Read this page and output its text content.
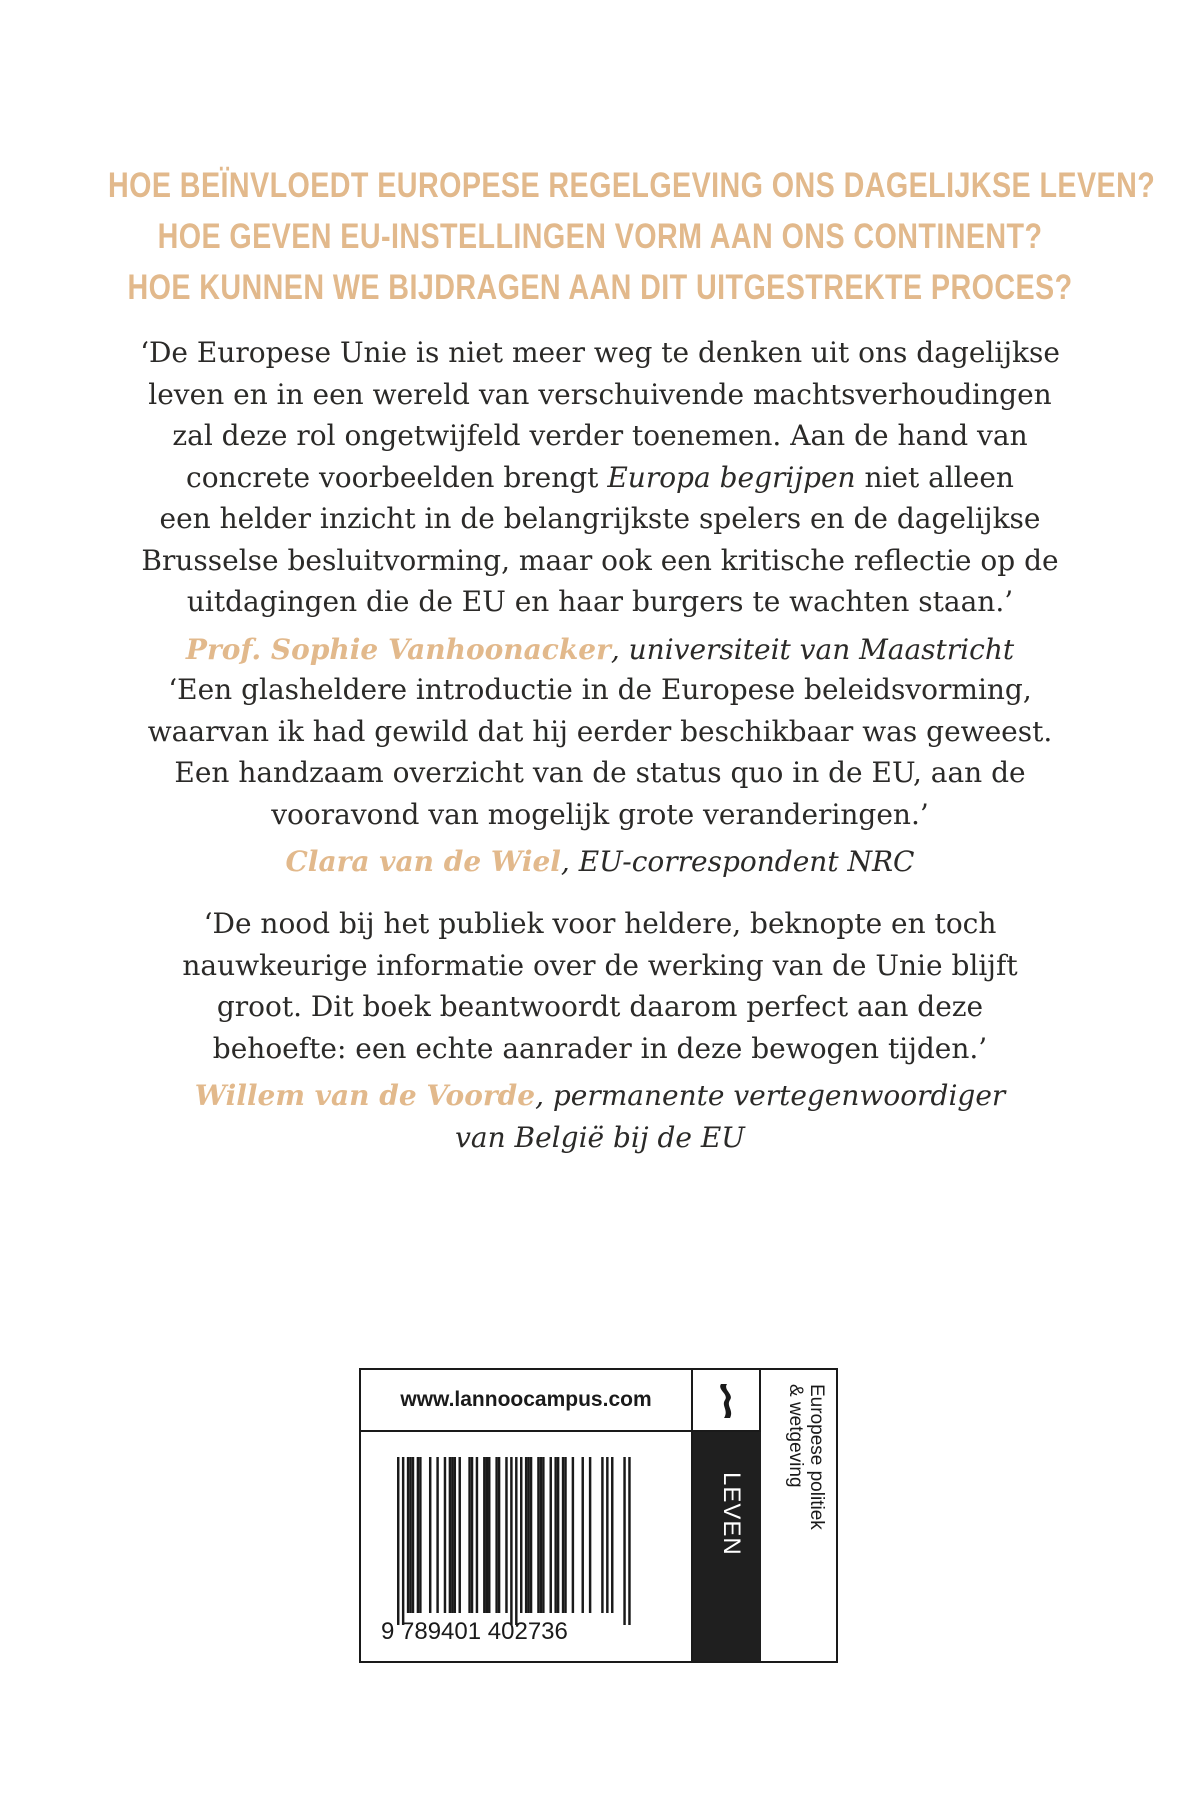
HOE BEÏNVLOEDT EUROPESE REGELGEVING ONS DAGELIJKSE LEVEN?
HOE GEVEN EU-INSTELLINGEN VORM AAN ONS CONTINENT?
HOE KUNNEN WE BIJDRAGEN AAN DIT UITGESTREKTE PROCES?
‘De Europese Unie is niet meer weg te denken uit ons dagelijkse
leven en in een wereld van verschuivende machtsverhoudingen
zal deze rol ongetwijfeld verder toenemen. Aan de hand van
concrete voorbeelden brengt Europa begrijpen niet alleen
een helder inzicht in de belangrijkste spelers en de dagelijkse
Brusselse besluitvorming, maar ook een kritische reflectie op de
uitdagingen die de EU en haar burgers te wachten staan.’
Prof. Sophie Vanhoonacker, universiteit van Maastricht
‘Een glasheldere introductie in de Europese beleidsvorming,
waarvan ik had gewild dat hij eerder beschikbaar was geweest.
Een handzaam overzicht van de status quo in de EU, aan de
vooravond van mogelijk grote veranderingen.’
Clara van de Wiel, EU-correspondent NRC
‘De nood bij het publiek voor heldere, beknopte en toch
nauwkeurige informatie over de werking van de Unie blijft
groot. Dit boek beantwoordt daarom perfect aan deze
behoefte: een echte aanrader in deze bewogen tijden.’
Willem van de Voorde, permanente vertegenwoordiger
van België bij de EU
www.lannoocampus.com
9 789401 402736
LEVEN	Europese politiek
& wetgeving
